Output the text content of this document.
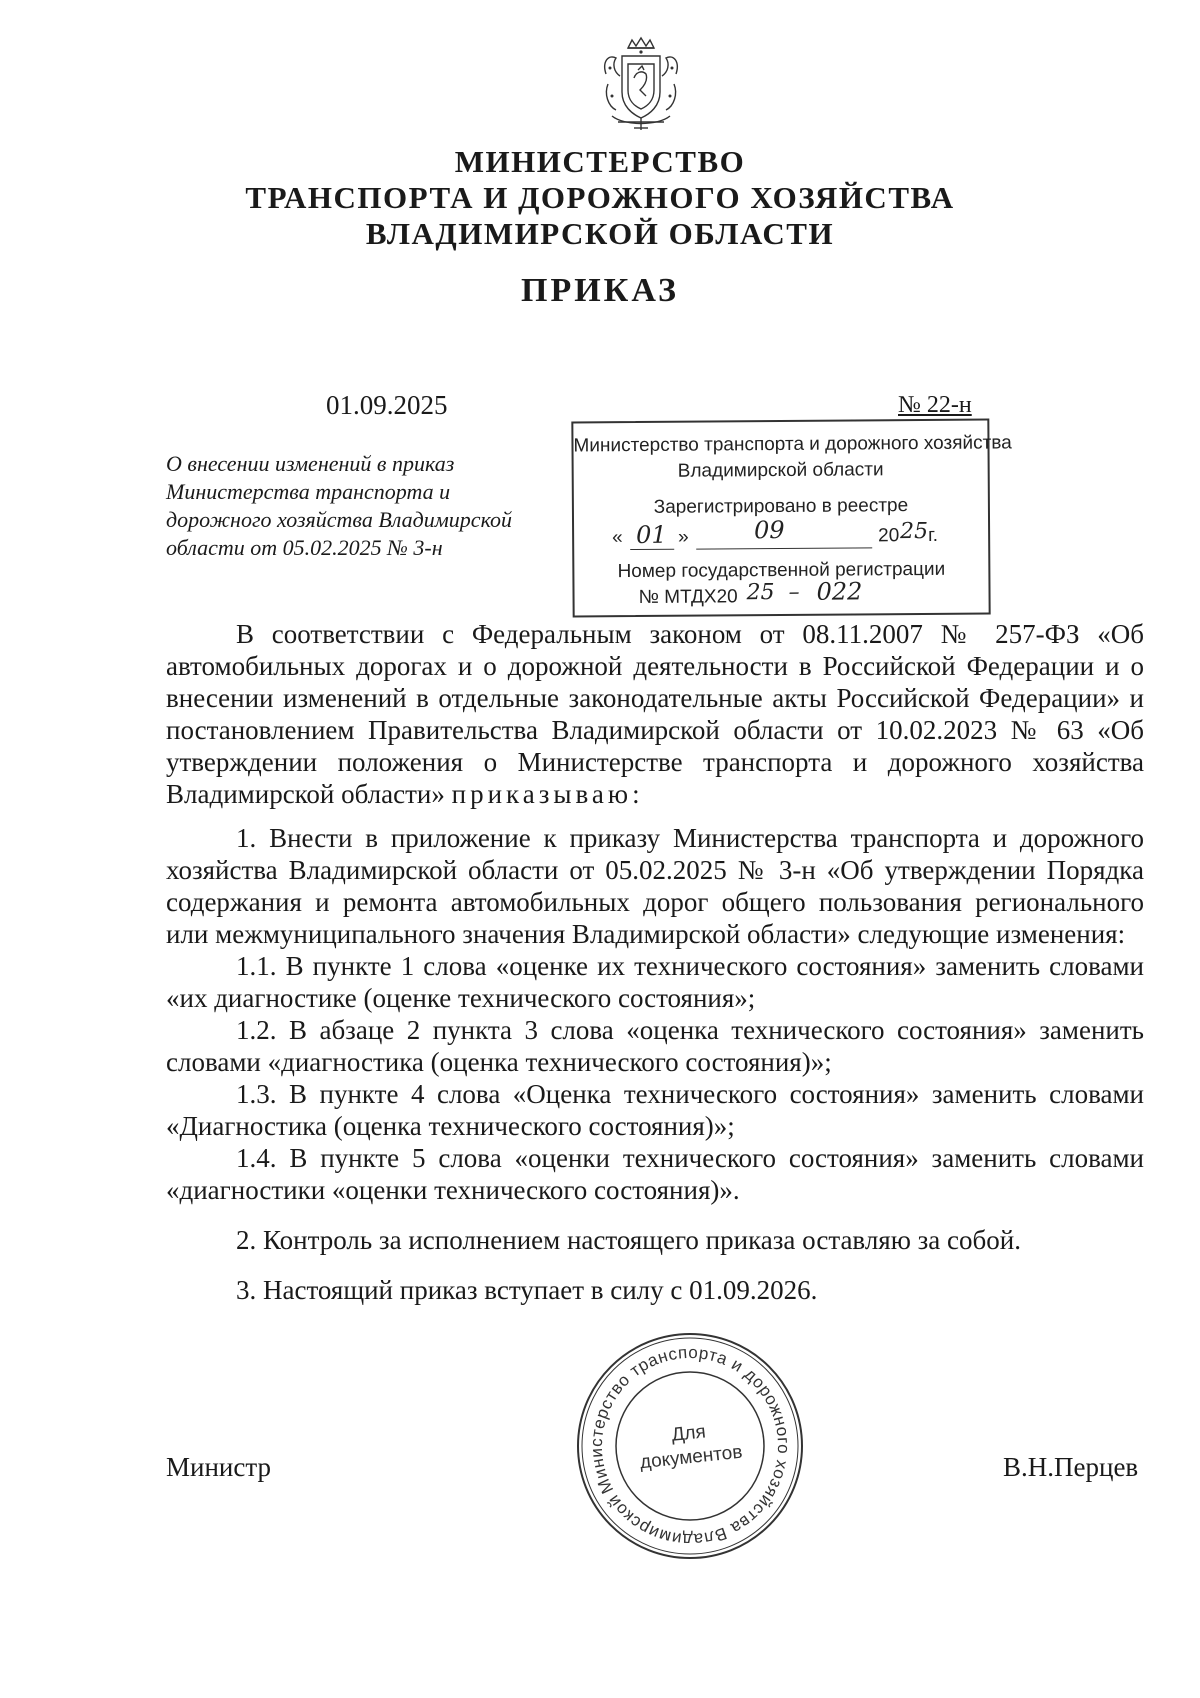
МИНИСТЕРСТВО
ТРАНСПОРТА И ДОРОЖНОГО ХОЗЯЙСТВА
ВЛАДИМИРСКОЙ ОБЛАСТИ
ПРИКАЗ
01.09.2025	№ 22-н
О внесении изменений в приказ
Министерства транспорта и
дорожного хозяйства Владимирской
области от 05.02.2025 № 3-н
Министерство транспорта и дорожного хозяйства
Владимирской области
Зарегистрировано в реестре
« 01 »	09	20 25 г.
Номер государственной регистрации
№ МТДХ20 25 – 022

В соответствии с Федеральным законом от 08.11.2007 № 257-ФЗ «Об автомобильных дорогах и о дорожной деятельности в Российской Федерации и о внесении изменений в отдельные законодательные акты Российской Федерации» и постановлением Правительства Владимирской области от 10.02.2023 № 63 «Об утверждении положения о Министерстве транспорта и дорожного хозяйства Владимирской области» приказываю:

1. Внести в приложение к приказу Министерства транспорта и дорожного хозяйства Владимирской области от 05.02.2025 № 3-н «Об утверждении Порядка содержания и ремонта автомобильных дорог общего пользования регионального или межмуниципального значения Владимирской области» следующие изменения:

1.1. В пункте 1 слова «оценке их технического состояния» заменить словами «их диагностике (оценке технического состояния»;

1.2. В абзаце 2 пункта 3 слова «оценка технического состояния» заменить словами «диагностика (оценка технического состояния)»;

1.3. В пункте 4 слова «Оценка технического состояния» заменить словами «Диагностика (оценка технического состояния)»;

1.4. В пункте 5 слова «оценки технического состояния» заменить словами «диагностики «оценки технического состояния)».

2. Контроль за исполнением настоящего приказа оставляю за собой.

3. Настоящий приказ вступает в силу с 01.09.2026.

Министр	В.Н.Перцев
Министерство транспорта и дорожного хозяйства Владимирской
Для
документов
